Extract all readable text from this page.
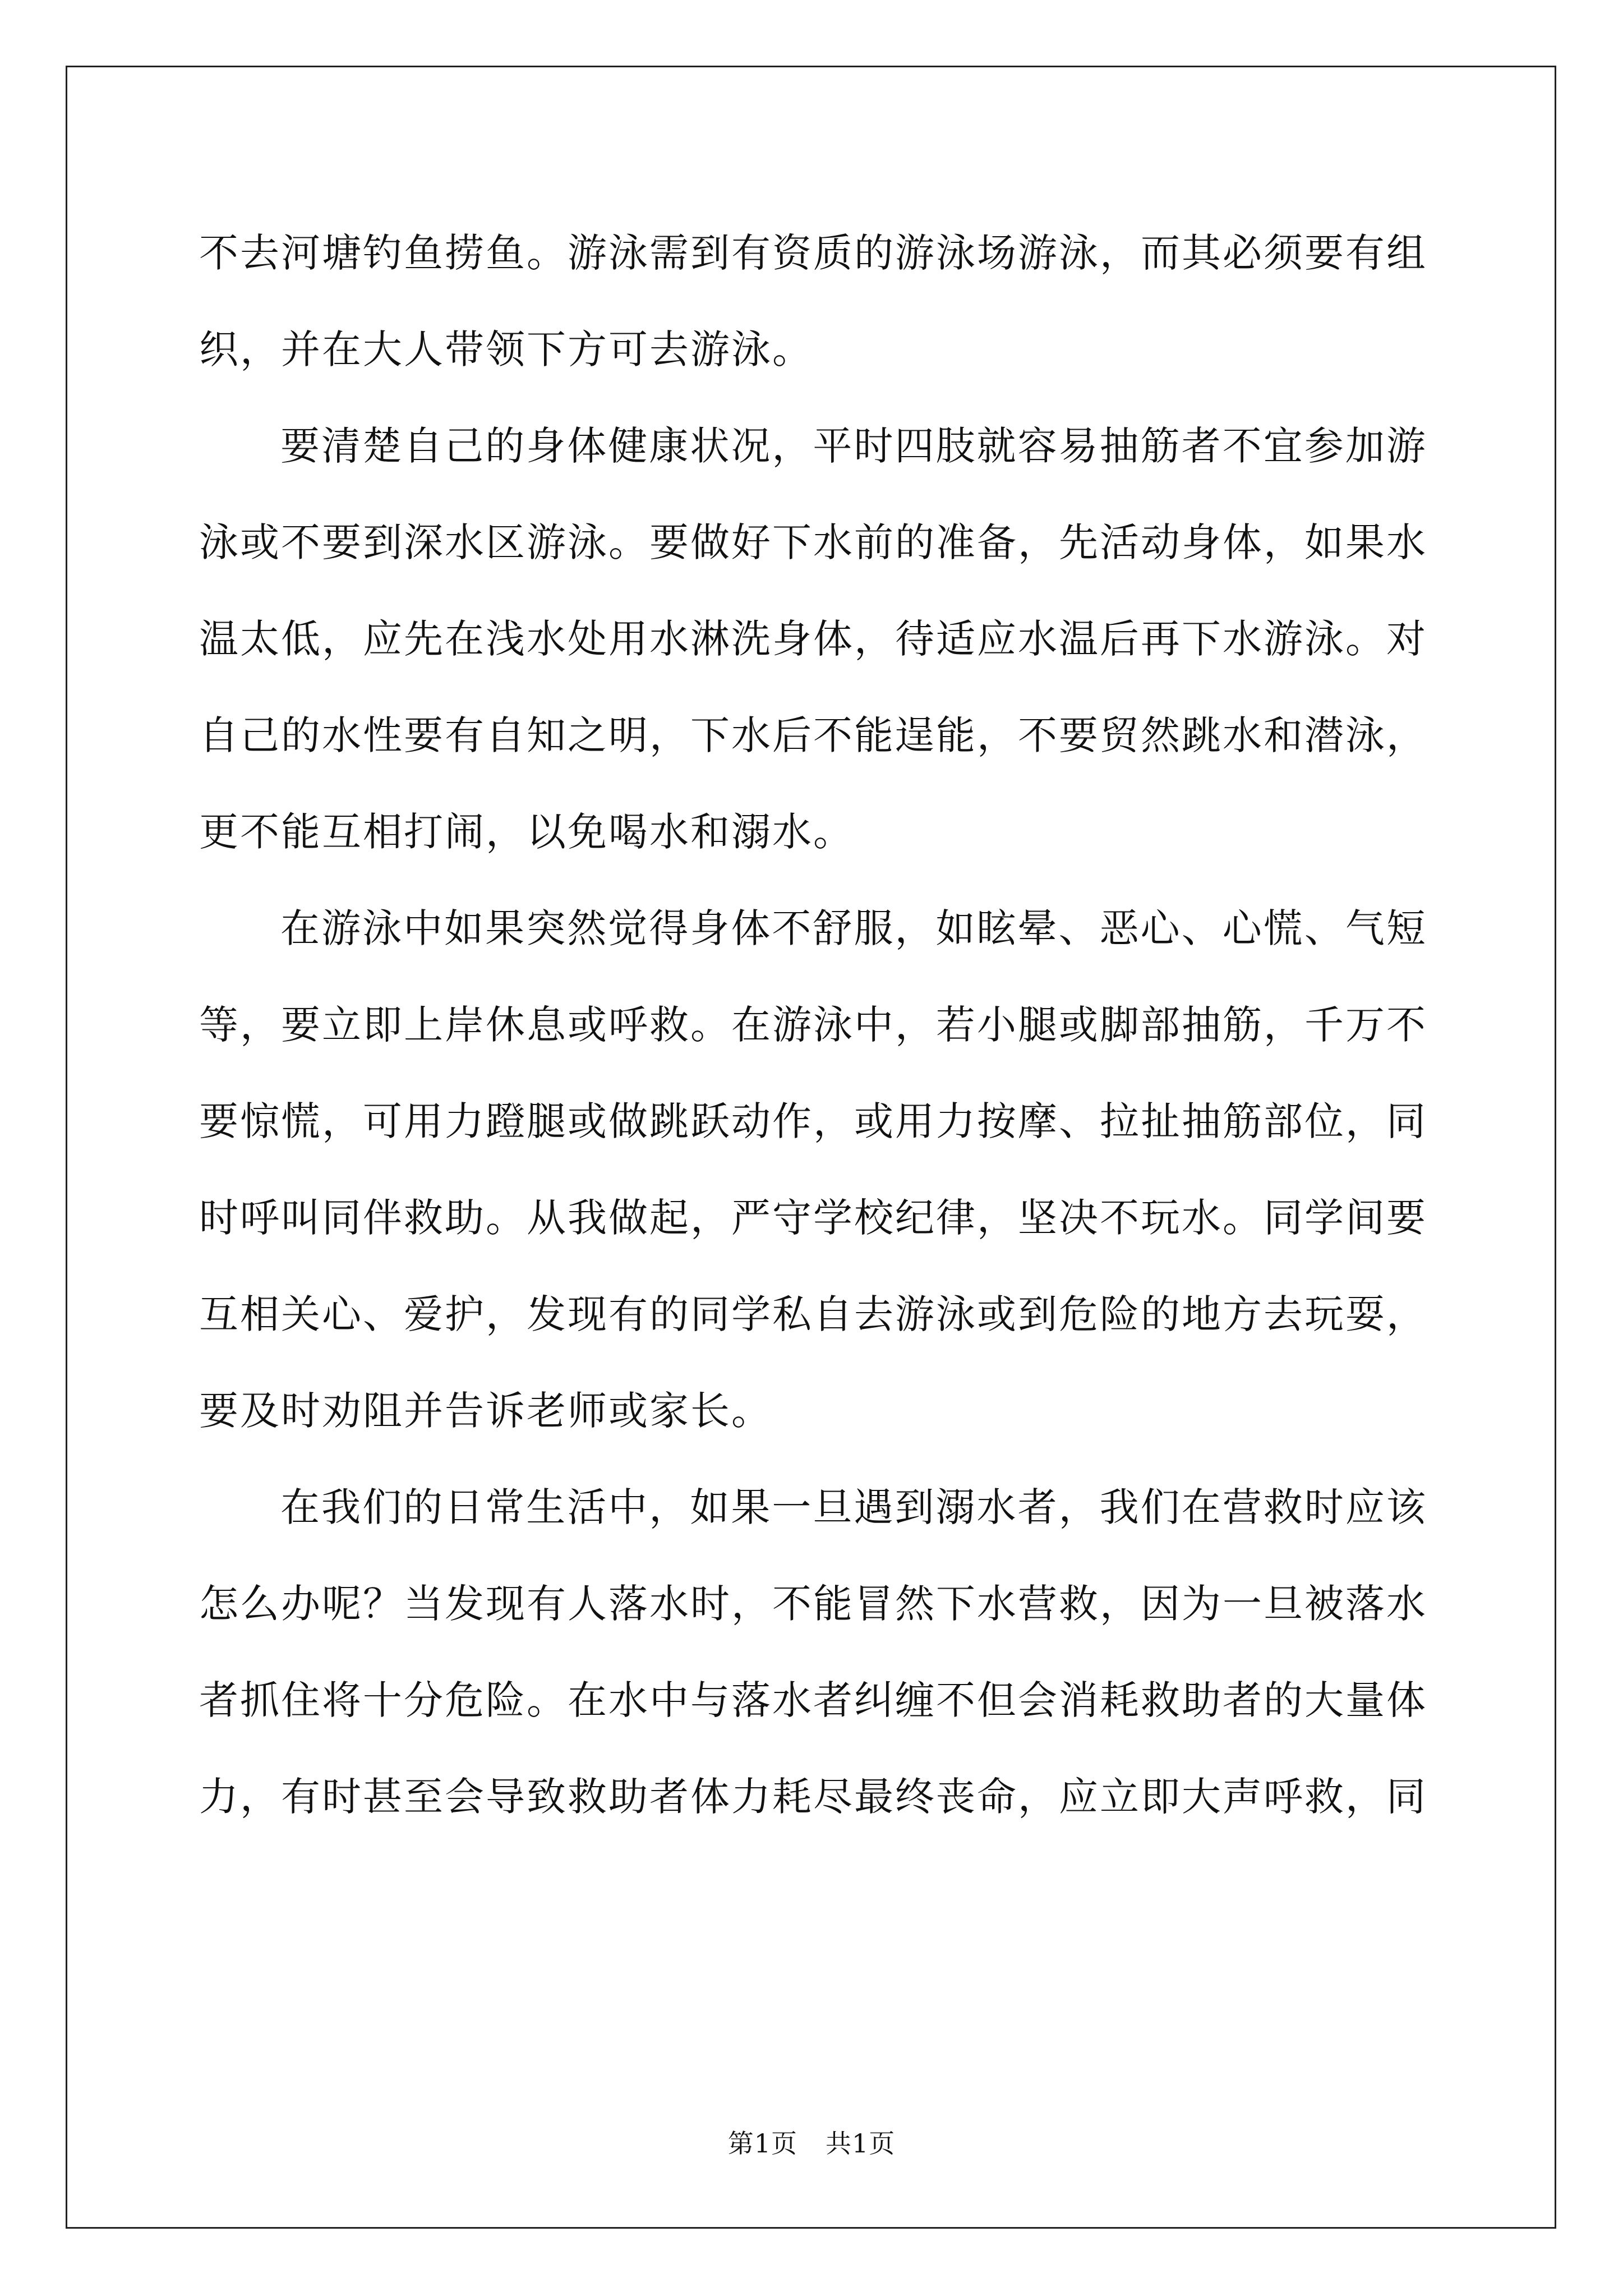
不 去 河 塘 钓 鱼 捞 鱼 。 游 泳 需 到 有 资 质 的 游 泳 场 游 泳 ， 而 其 必 须 要 有 组
织，并在大人带领下方可去游泳。
要 清 楚 自 己 的 身 体 健 康 状 况 ， 平 时 四 肢 就 容 易 抽 筋 者 不 宜 参 加 游
泳 或 不 要 到 深 水 区 游 泳 。 要 做 好 下 水 前 的 准 备 ， 先 活 动 身 体 ， 如 果 水
温 太 低 ， 应 先 在 浅 水 处 用 水 淋 洗 身 体 ， 待 适 应 水 温 后 再 下 水 游 泳 。 对
自 己 的 水 性 要 有 自 知 之 明 ， 下 水 后 不 能 逞 能 ， 不 要 贸 然 跳 水 和 潜 泳 ，
更不能互相打闹，以免喝水和溺水。
在 游 泳 中 如 果 突 然 觉 得 身 体 不 舒 服 ， 如 眩 晕 、 恶 心 、 心 慌 、 气 短
等 ， 要 立 即 上 岸 休 息 或 呼 救 。 在 游 泳 中 ， 若 小 腿 或 脚 部 抽 筋 ， 千 万 不
要 惊 慌 ， 可 用 力 蹬 腿 或 做 跳 跃 动 作 ， 或 用 力 按 摩 、 拉 扯 抽 筋 部 位 ， 同
时 呼 叫 同 伴 救 助 。 从 我 做 起 ， 严 守 学 校 纪 律 ， 坚 决 不 玩 水 。 同 学 间 要
互 相 关 心 、 爱 护 ， 发 现 有 的 同 学 私 自 去 游 泳 或 到 危 险 的 地 方 去 玩 耍 ，
要及时劝阻并告诉老师或家长。
在 我 们 的 日 常 生 活 中 ， 如 果 一 旦 遇 到 溺 水 者 ， 我 们 在 营 救 时 应 该
怎 么 办 呢 ？ 当 发 现 有 人 落 水 时 ， 不 能 冒 然 下 水 营 救 ， 因 为 一 旦 被 落 水
者 抓 住 将 十 分 危 险 。 在 水 中 与 落 水 者 纠 缠 不 但 会 消 耗 救 助 者 的 大 量 体
力 ， 有 时 甚 至 会 导 致 救 助 者 体 力 耗 尽 最 终 丧 命 ， 应 立 即 大 声 呼 救 ， 同
第1页 共1页
